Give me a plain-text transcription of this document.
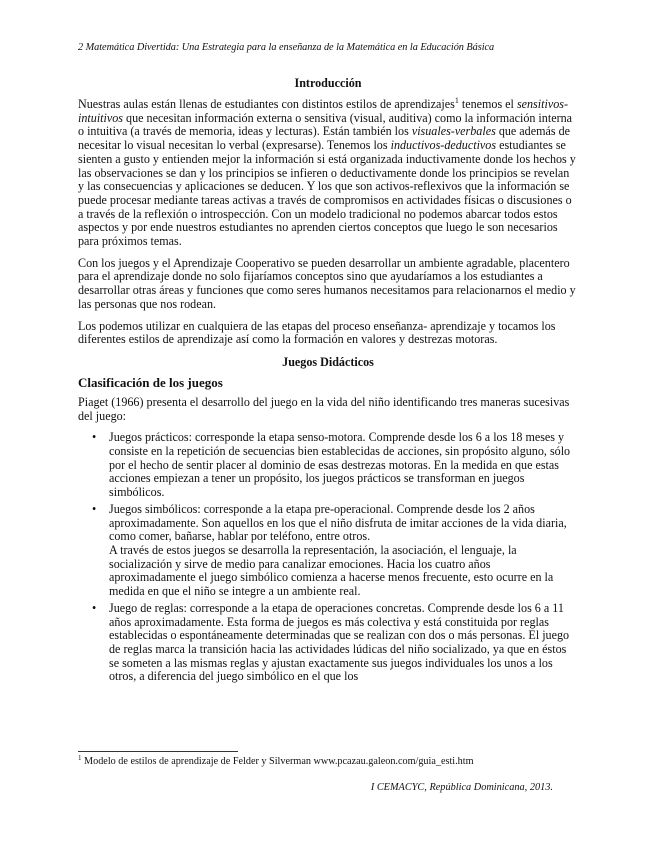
2 Matemática Divertida: Una Estrategia para la enseñanza de la Matemática en la Educación Básica
Introducción

Nuestras aulas están llenas de estudiantes con distintos estilos de aprendizajes$^1$ tenemos el sensitivos-intuitivos que necesitan información externa o sensitiva (visual, auditiva) como la información interna o intuitiva (a través de memoria, ideas y lecturas). Están también los visuales-verbales que además de necesitar lo visual necesitan lo verbal (expresarse). Tenemos los inductivos-deductivos estudiantes se sienten a gusto y entienden mejor la información si está organizada inductivamente donde los hechos y las observaciones se dan y los principios se infieren o deductivamente donde los principios se revelan y las consecuencias y aplicaciones se deducen. Y los que son activos-reflexivos que la información se puede procesar mediante tareas activas a través de compromisos en actividades físicas o discusiones o a través de la reflexión o introspección. Con un modelo tradicional no podemos abarcar todos estos aspectos y por ende nuestros estudiantes no aprenden ciertos conceptos que luego le son necesarios para próximos temas.

Con los juegos y el Aprendizaje Cooperativo se pueden desarrollar un ambiente agradable, placentero para el aprendizaje donde no solo fijaríamos conceptos sino que ayudaríamos a los estudiantes a desarrollar otras áreas y funciones que como seres humanos necesitamos para relacionarnos el medio y las personas que nos rodean.

Los podemos utilizar en cualquiera de las etapas del proceso enseñanza- aprendizaje y tocamos los diferentes estilos de aprendizaje así como la formación en valores y destrezas motoras.

Juegos Didácticos
Clasificación de los juegos

Piaget (1966) presenta el desarrollo del juego en la vida del niño identificando tres maneras sucesivas del juego:

• Juegos prácticos: corresponde la etapa senso-motora. Comprende desde los 6 a los 18 meses y consiste en la repetición de secuencias bien establecidas de acciones, sin propósito alguno, sólo por el hecho de sentir placer al dominio de esas destrezas motoras. En la medida en que estas acciones empiezan a tener un propósito, los juegos prácticos se transforman en juegos simbólicos.
• Juegos simbólicos: corresponde a la etapa pre-operacional. Comprende desde los 2 años aproximadamente. Son aquellos en los que el niño disfruta de imitar acciones de la vida diaria, como comer, bañarse, hablar por teléfono, entre otros.
A través de estos juegos se desarrolla la representación, la asociación, el lenguaje, la socialización y sirve de medio para canalizar emociones. Hacia los cuatro años aproximadamente el juego simbólico comienza a hacerse menos frecuente, esto ocurre en la medida en que el niño se integre a un ambiente real.
• Juego de reglas: corresponde a la etapa de operaciones concretas. Comprende desde los 6 a 11 años aproximadamente. Esta forma de juegos es más colectiva y está constituida por reglas establecidas o espontáneamente determinadas que se realizan con dos o más personas. El juego de reglas marca la transición hacia las actividades lúdicas del niño socializado, ya que en éstos se someten a las mismas reglas y ajustan exactamente sus juegos individuales los unos a los otros, a diferencia del juego simbólico en el que los
$^1$ Modelo de estilos de aprendizaje de Felder y Silverman www.pcazau.galeon.com/guia_esti.htm
I CEMACYC, República Dominicana, 2013.
